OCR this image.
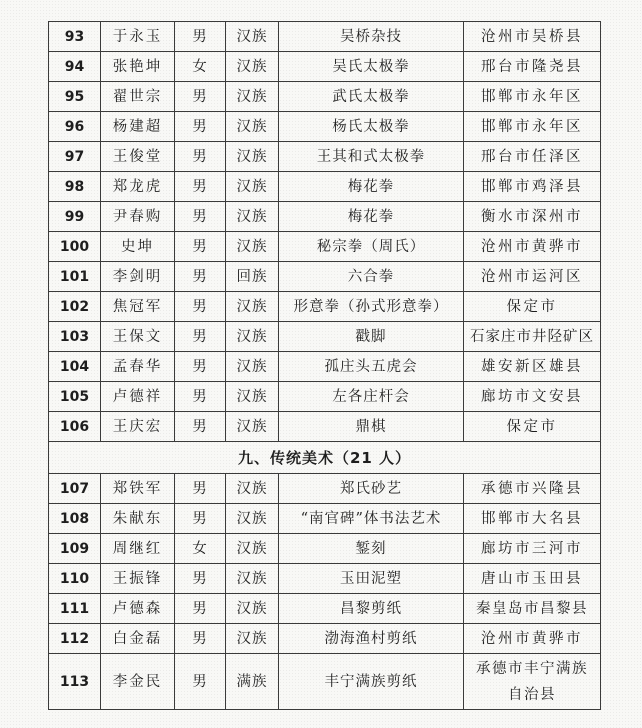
93	于永玉	男	汉族	吴桥杂技	沧州市吴桥县
94	张艳坤	女	汉族	吴氏太极拳	邢台市隆尧县
95	翟世宗	男	汉族	武氏太极拳	邯郸市永年区
96	杨建超	男	汉族	杨氏太极拳	邯郸市永年区
97	王俊堂	男	汉族	王其和式太极拳	邢台市任泽区
98	郑龙虎	男	汉族	梅花拳	邯郸市鸡泽县
99	尹春购	男	汉族	梅花拳	衡水市深州市
100	史坤	男	汉族	秘宗拳（周氏）	沧州市黄骅市
101	李剑明	男	回族	六合拳	沧州市运河区
102	焦冠军	男	汉族	形意拳（孙式形意拳）	保定市
103	王保文	男	汉族	戳脚	石家庄市井陉矿区
104	孟春华	男	汉族	孤庄头五虎会	雄安新区雄县
105	卢德祥	男	汉族	左各庄杆会	廊坊市文安县
106	王庆宏	男	汉族	鼎棋	保定市
九、传统美术（21 人）					
107	郑铁军	男	汉族	郑氏砂艺	承德市兴隆县
108	朱献东	男	汉族	“南官碑”体书法艺术	邯郸市大名县
109	周继红	女	汉族	錾刻	廊坊市三河市
110	王振锋	男	汉族	玉田泥塑	唐山市玉田县
111	卢德森	男	汉族	昌黎剪纸	秦皇岛市昌黎县
112	白金磊	男	汉族	渤海渔村剪纸	沧州市黄骅市
113	李金民	男	满族	丰宁满族剪纸	承德市丰宁满族
自治县
